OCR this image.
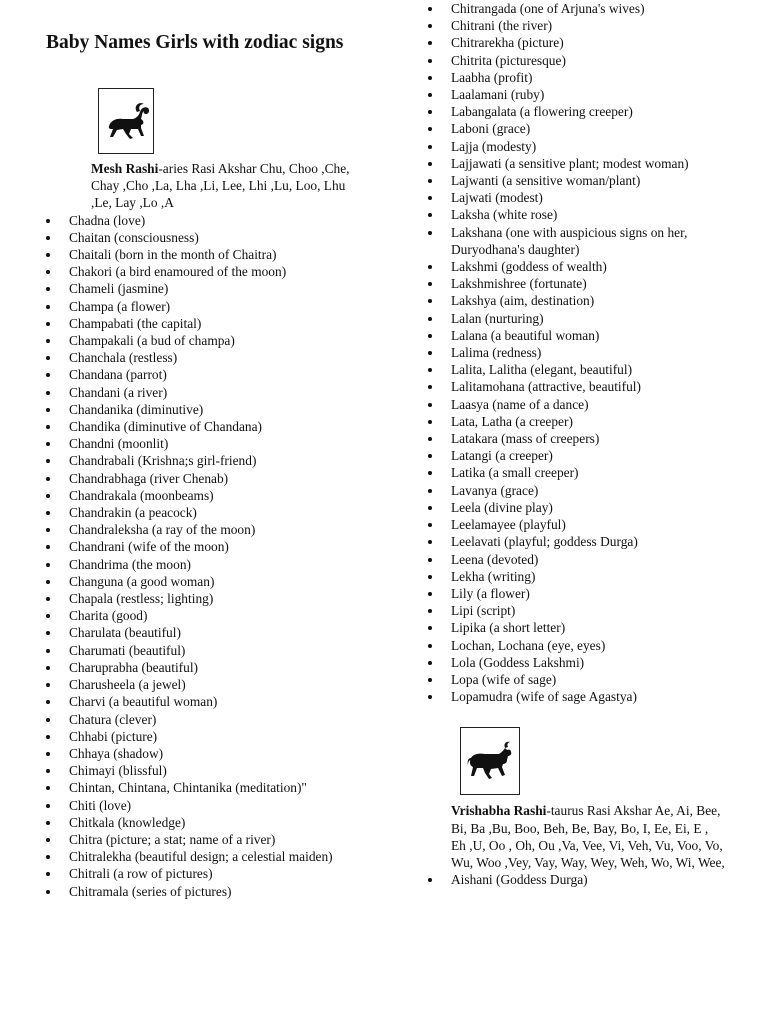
Baby Names Girls with zodiac signs

Mesh Rashi-aries Rasi Akshar Chu, Choo ,Che, Chay ,Cho ,La, Lha ,Li, Lee, Lhi ,Lu, Loo, Lhu ,Le, Lay ,Lo ,A

Chadna (love)
Chaitan (consciousness)
Chaitali (born in the month of Chaitra)
Chakori (a bird enamoured of the moon)
Chameli (jasmine)
Champa (a flower)
Champabati (the capital)
Champakali (a bud of champa)
Chanchala (restless)
Chandana (parrot)
Chandani (a river)
Chandanika (diminutive)
Chandika (diminutive of Chandana)
Chandni (moonlit)
Chandrabali (Krishna;s girl-friend)
Chandrabhaga (river Chenab)
Chandrakala (moonbeams)
Chandrakin (a peacock)
Chandraleksha (a ray of the moon)
Chandrani (wife of the moon)
Chandrima (the moon)
Changuna (a good woman)
Chapala (restless; lighting)
Charita (good)
Charulata (beautiful)
Charumati (beautiful)
Charuprabha (beautiful)
Charusheela (a jewel)
Charvi (a beautiful woman)
Chatura (clever)
Chhabi (picture)
Chhaya (shadow)
Chimayi (blissful)
Chintan, Chintana, Chintanika (meditation)"
Chiti (love)
Chitkala (knowledge)
Chitra (picture; a stat; name of a river)
Chitralekha (beautiful design; a celestial maiden)
Chitrali (a row of pictures)
Chitramala (series of pictures)
Chitrangada (one of Arjuna's wives)
Chitrani (the river)
Chitrarekha (picture)
Chitrita (picturesque)
Laabha (profit)
Laalamani (ruby)
Labangalata (a flowering creeper)
Laboni (grace)
Lajja (modesty)
Lajjawati (a sensitive plant; modest woman)
Lajwanti (a sensitive woman/plant)
Lajwati (modest)
Laksha (white rose)
Lakshana (one with auspicious signs on her, Duryodhana's daughter)
Lakshmi (goddess of wealth)
Lakshmishree (fortunate)
Lakshya (aim, destination)
Lalan (nurturing)
Lalana (a beautiful woman)
Lalima (redness)
Lalita, Lalitha (elegant, beautiful)
Lalitamohana (attractive, beautiful)
Laasya (name of a dance)
Lata, Latha (a creeper)
Latakara (mass of creepers)
Latangi (a creeper)
Latika (a small creeper)
Lavanya (grace)
Leela (divine play)
Leelamayee (playful)
Leelavati (playful; goddess Durga)
Leena (devoted)
Lekha (writing)
Lily (a flower)
Lipi (script)
Lipika (a short letter)
Lochan, Lochana (eye, eyes)
Lola (Goddess Lakshmi)
Lopa (wife of sage)
Lopamudra (wife of sage Agastya)

Vrishabha Rashi-taurus Rasi Akshar Ae, Ai, Bee, Bi, Ba ,Bu, Boo, Beh, Be, Bay, Bo, I, Ee, Ei, E , Eh ,U, Oo , Oh, Ou ,Va, Vee, Vi, Veh, Vu, Voo, Vo, Wu, Woo ,Vey, Vay, Way, Wey, Weh, Wo, Wi, Wee,

Aishani (Goddess Durga)
